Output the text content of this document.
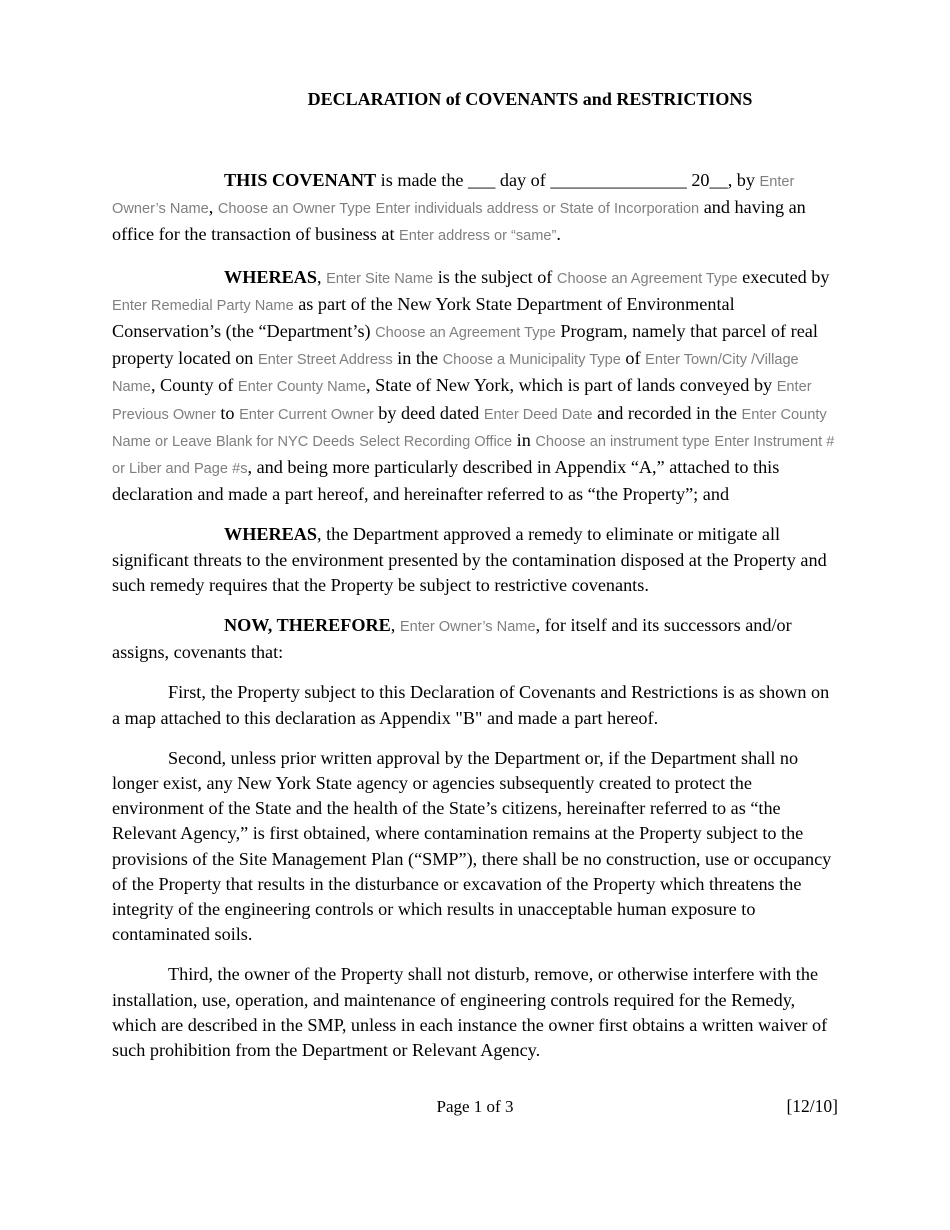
DECLARATION of COVENANTS and RESTRICTIONS

THIS COVENANT is made the ___ day of _______________ 20__, by Enter Owner’s Name, Choose an Owner Type Enter individuals address or State of Incorporation and having an office for the transaction of business at Enter address or “same”.

WHEREAS, Enter Site Name is the subject of Choose an Agreement Type executed by Enter Remedial Party Name as part of the New York State Department of Environmental Conservation’s (the “Department’s) Choose an Agreement Type Program, namely that parcel of real property located on Enter Street Address in the Choose a Municipality Type of Enter Town/City /Village Name, County of Enter County Name, State of New York, which is part of lands conveyed by Enter Previous Owner to Enter Current Owner by deed dated Enter Deed Date and recorded in the Enter County Name or Leave Blank for NYC Deeds Select Recording Office in Choose an instrument type Enter Instrument # or Liber and Page #s, and being more particularly described in Appendix “A,” attached to this declaration and made a part hereof, and hereinafter referred to as “the Property”; and

WHEREAS, the Department approved a remedy to eliminate or mitigate all significant threats to the environment presented by the contamination disposed at the Property and such remedy requires that the Property be subject to restrictive covenants.

NOW, THEREFORE, Enter Owner’s Name, for itself and its successors and/or assigns, covenants that:

First, the Property subject to this Declaration of Covenants and Restrictions is as shown on a map attached to this declaration as Appendix "B" and made a part hereof.

Second, unless prior written approval by the Department or, if the Department shall no longer exist, any New York State agency or agencies subsequently created to protect the environment of the State and the health of the State’s citizens, hereinafter referred to as “the Relevant Agency,” is first obtained, where contamination remains at the Property subject to the provisions of the Site Management Plan (“SMP”), there shall be no construction, use or occupancy of the Property that results in the disturbance or excavation of the Property which threatens the integrity of the engineering controls or which results in unacceptable human exposure to contaminated soils.

Third, the owner of the Property shall not disturb, remove, or otherwise interfere with the installation, use, operation, and maintenance of engineering controls required for the Remedy, which are described in the SMP, unless in each instance the owner first obtains a written waiver of such prohibition from the Department or Relevant Agency.

Page 1 of 3	[12/10]
